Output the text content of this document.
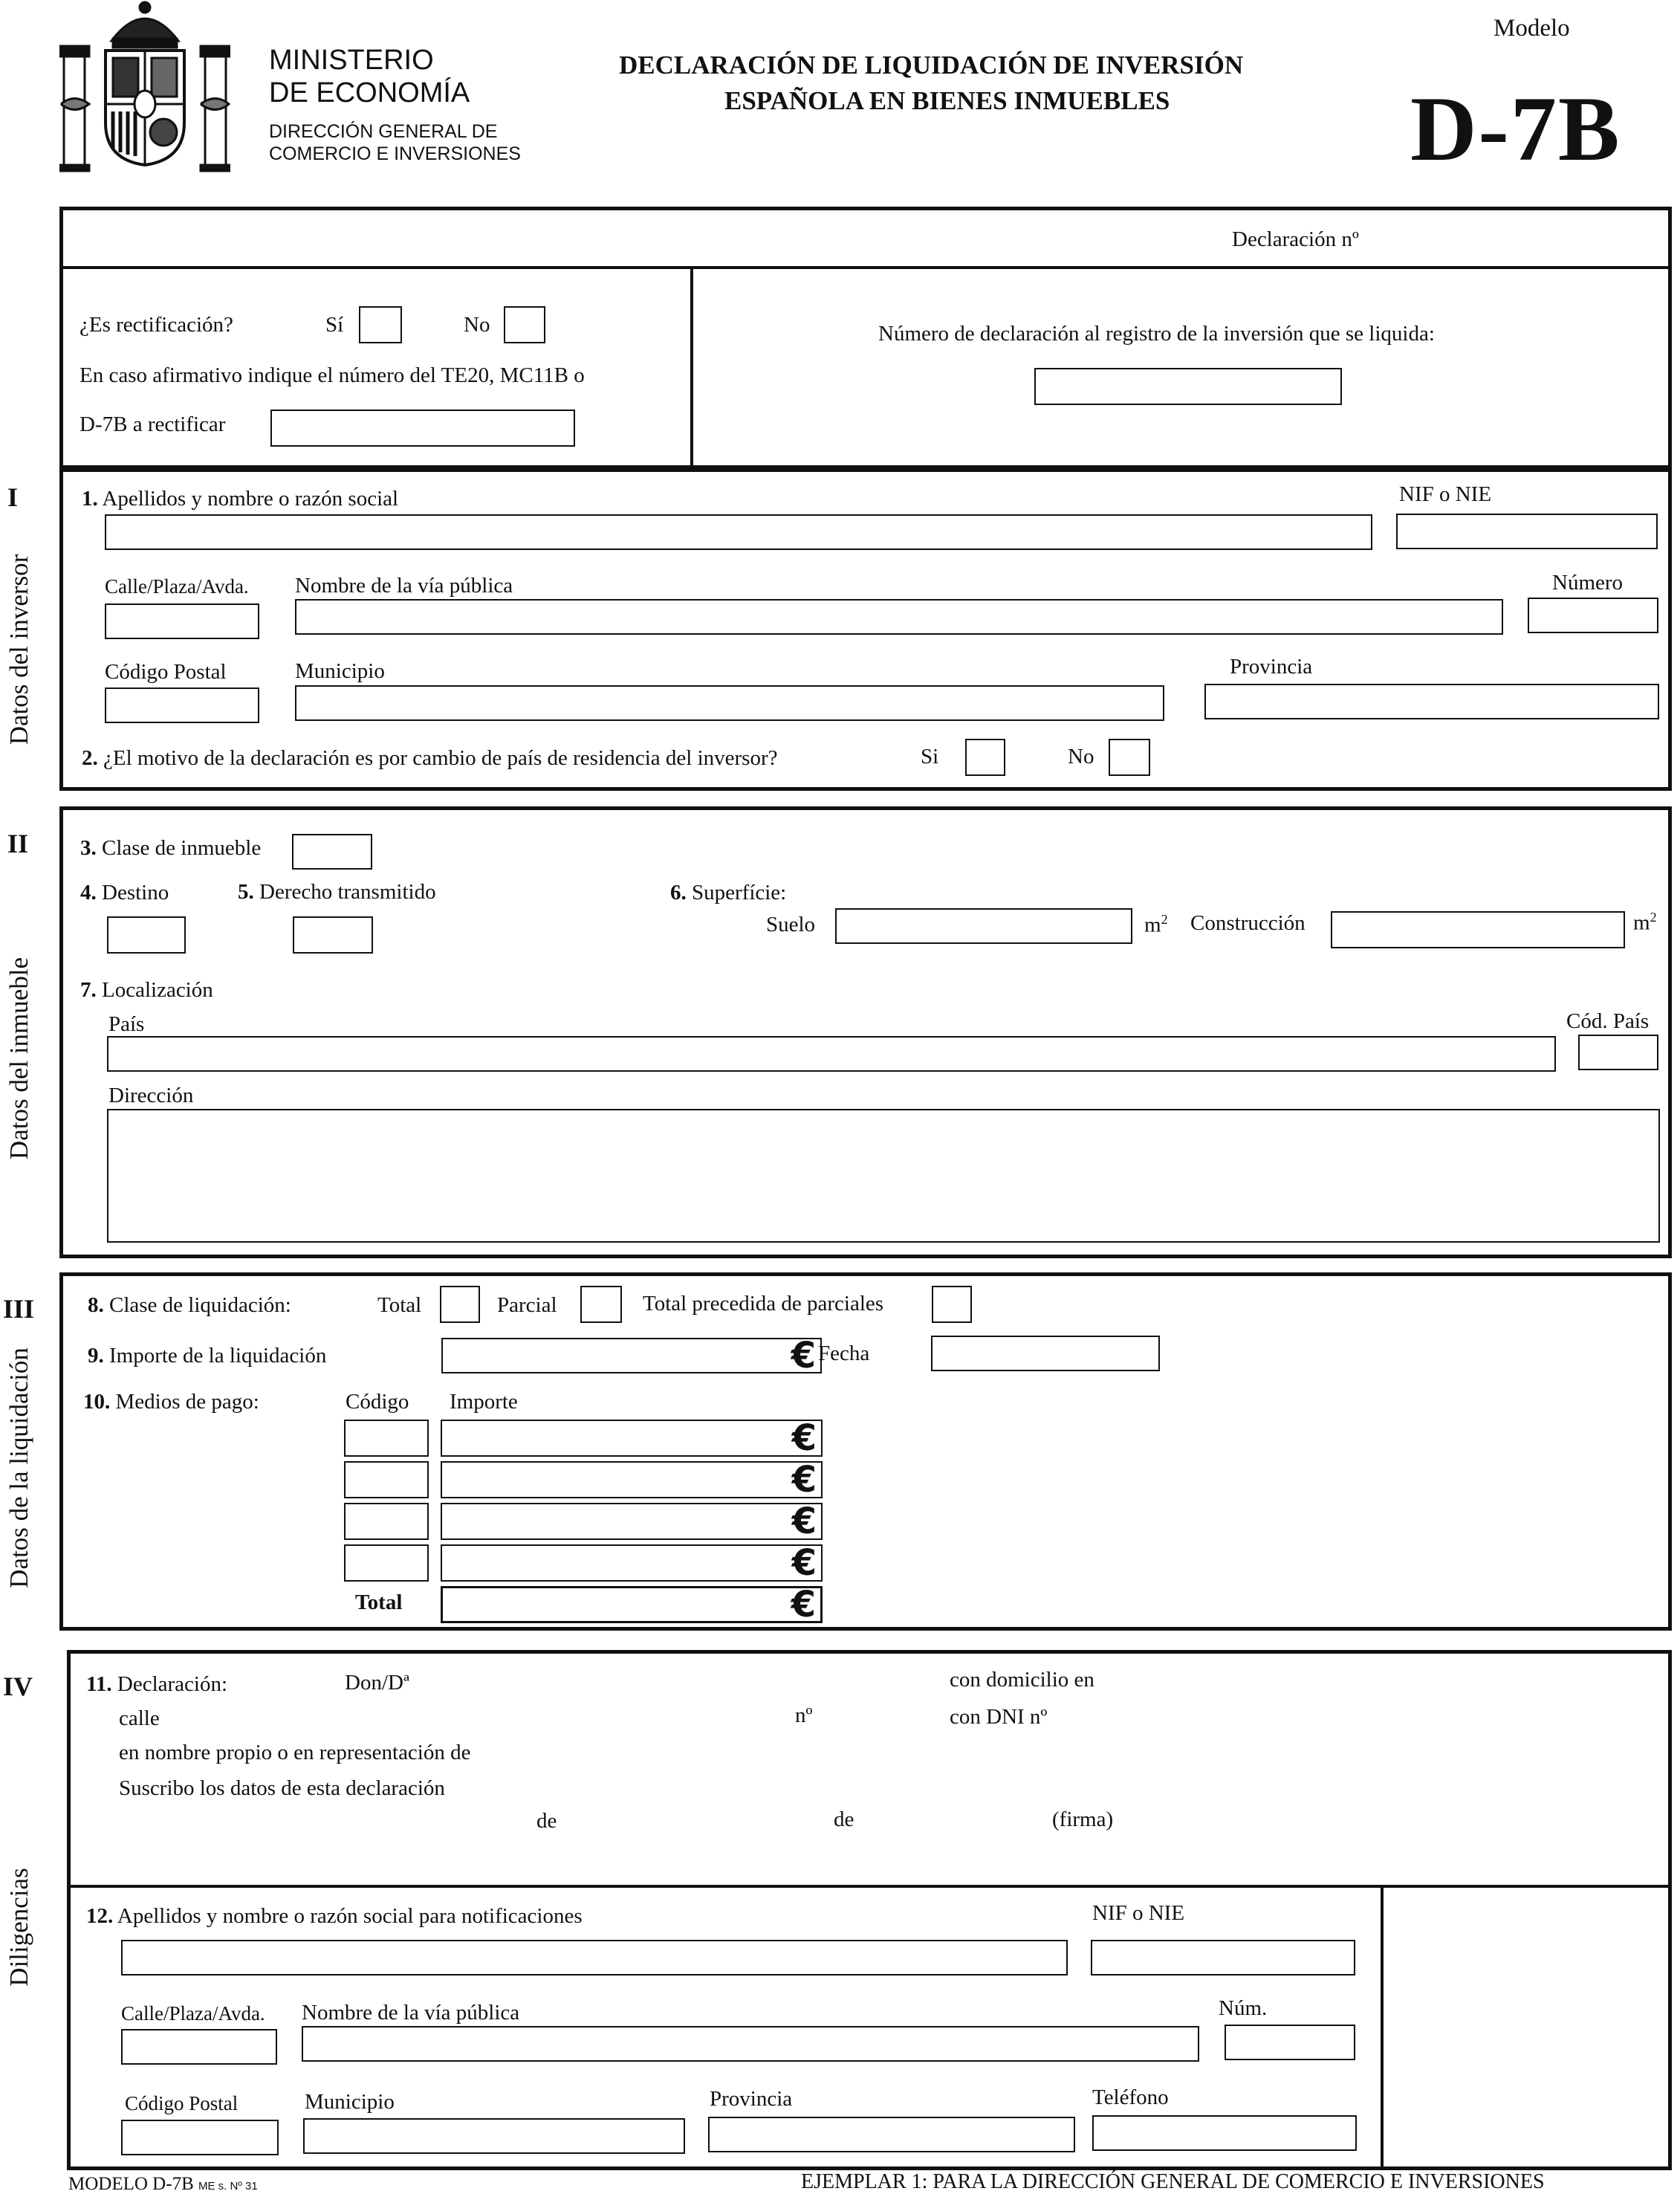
MINISTERIO
DE ECONOMÍA
DIRECCIÓN GENERAL DE
COMERCIO E INVERSIONES
DECLARACIÓN DE LIQUIDACIÓN DE INVERSIÓN
ESPAÑOLA EN BIENES INMUEBLES
Modelo
D-7B
Declaración nº
¿Es rectificación?	Sí	No
En caso afirmativo indique el número del TE20, MC11B o
D-7B a rectificar
Número de declaración al registro de la inversión que se liquida:
I
Datos del inversor
1. Apellidos y nombre o razón social	NIF o NIE
Calle/Plaza/Avda. Nombre de la vía pública	Número
Código Postal	Municipio	Provincia
2. ¿El motivo de la declaración es por cambio de país de residencia del inversor?	Si	No
II
Datos del inmueble
3. Clase de inmueble
4. Destino	5. Derecho transmitido	6. Superfície:
Suelo	$m^2$ Construcción	$m^2$
7. Localización
País	Cód. País
Dirección
III
Datos de la liquidación
8. Clase de liquidación:	Total	Parcial	Total precedida de parciales
9. Importe de la liquidación	€ Fecha
10. Medios de pago:	Código Importe
€
€
€
€
Total	€
IV
Diligencias
11. Declaración:	Don/Dª	con domicilio en
calle	nº	con DNI nº
en nombre propio o en representación de
Suscribo los datos de esta declaración
de	de	(firma)
12. Apellidos y nombre o razón social para notificaciones	NIF o NIE
Calle/Plaza/Avda. Nombre de la vía pública	Núm.
Código Postal	Municipio	Provincia	Teléfono
MODELO D-7B ME s. Nº 31	EJEMPLAR 1: PARA LA DIRECCIÓN GENERAL DE COMERCIO E INVERSIONES
